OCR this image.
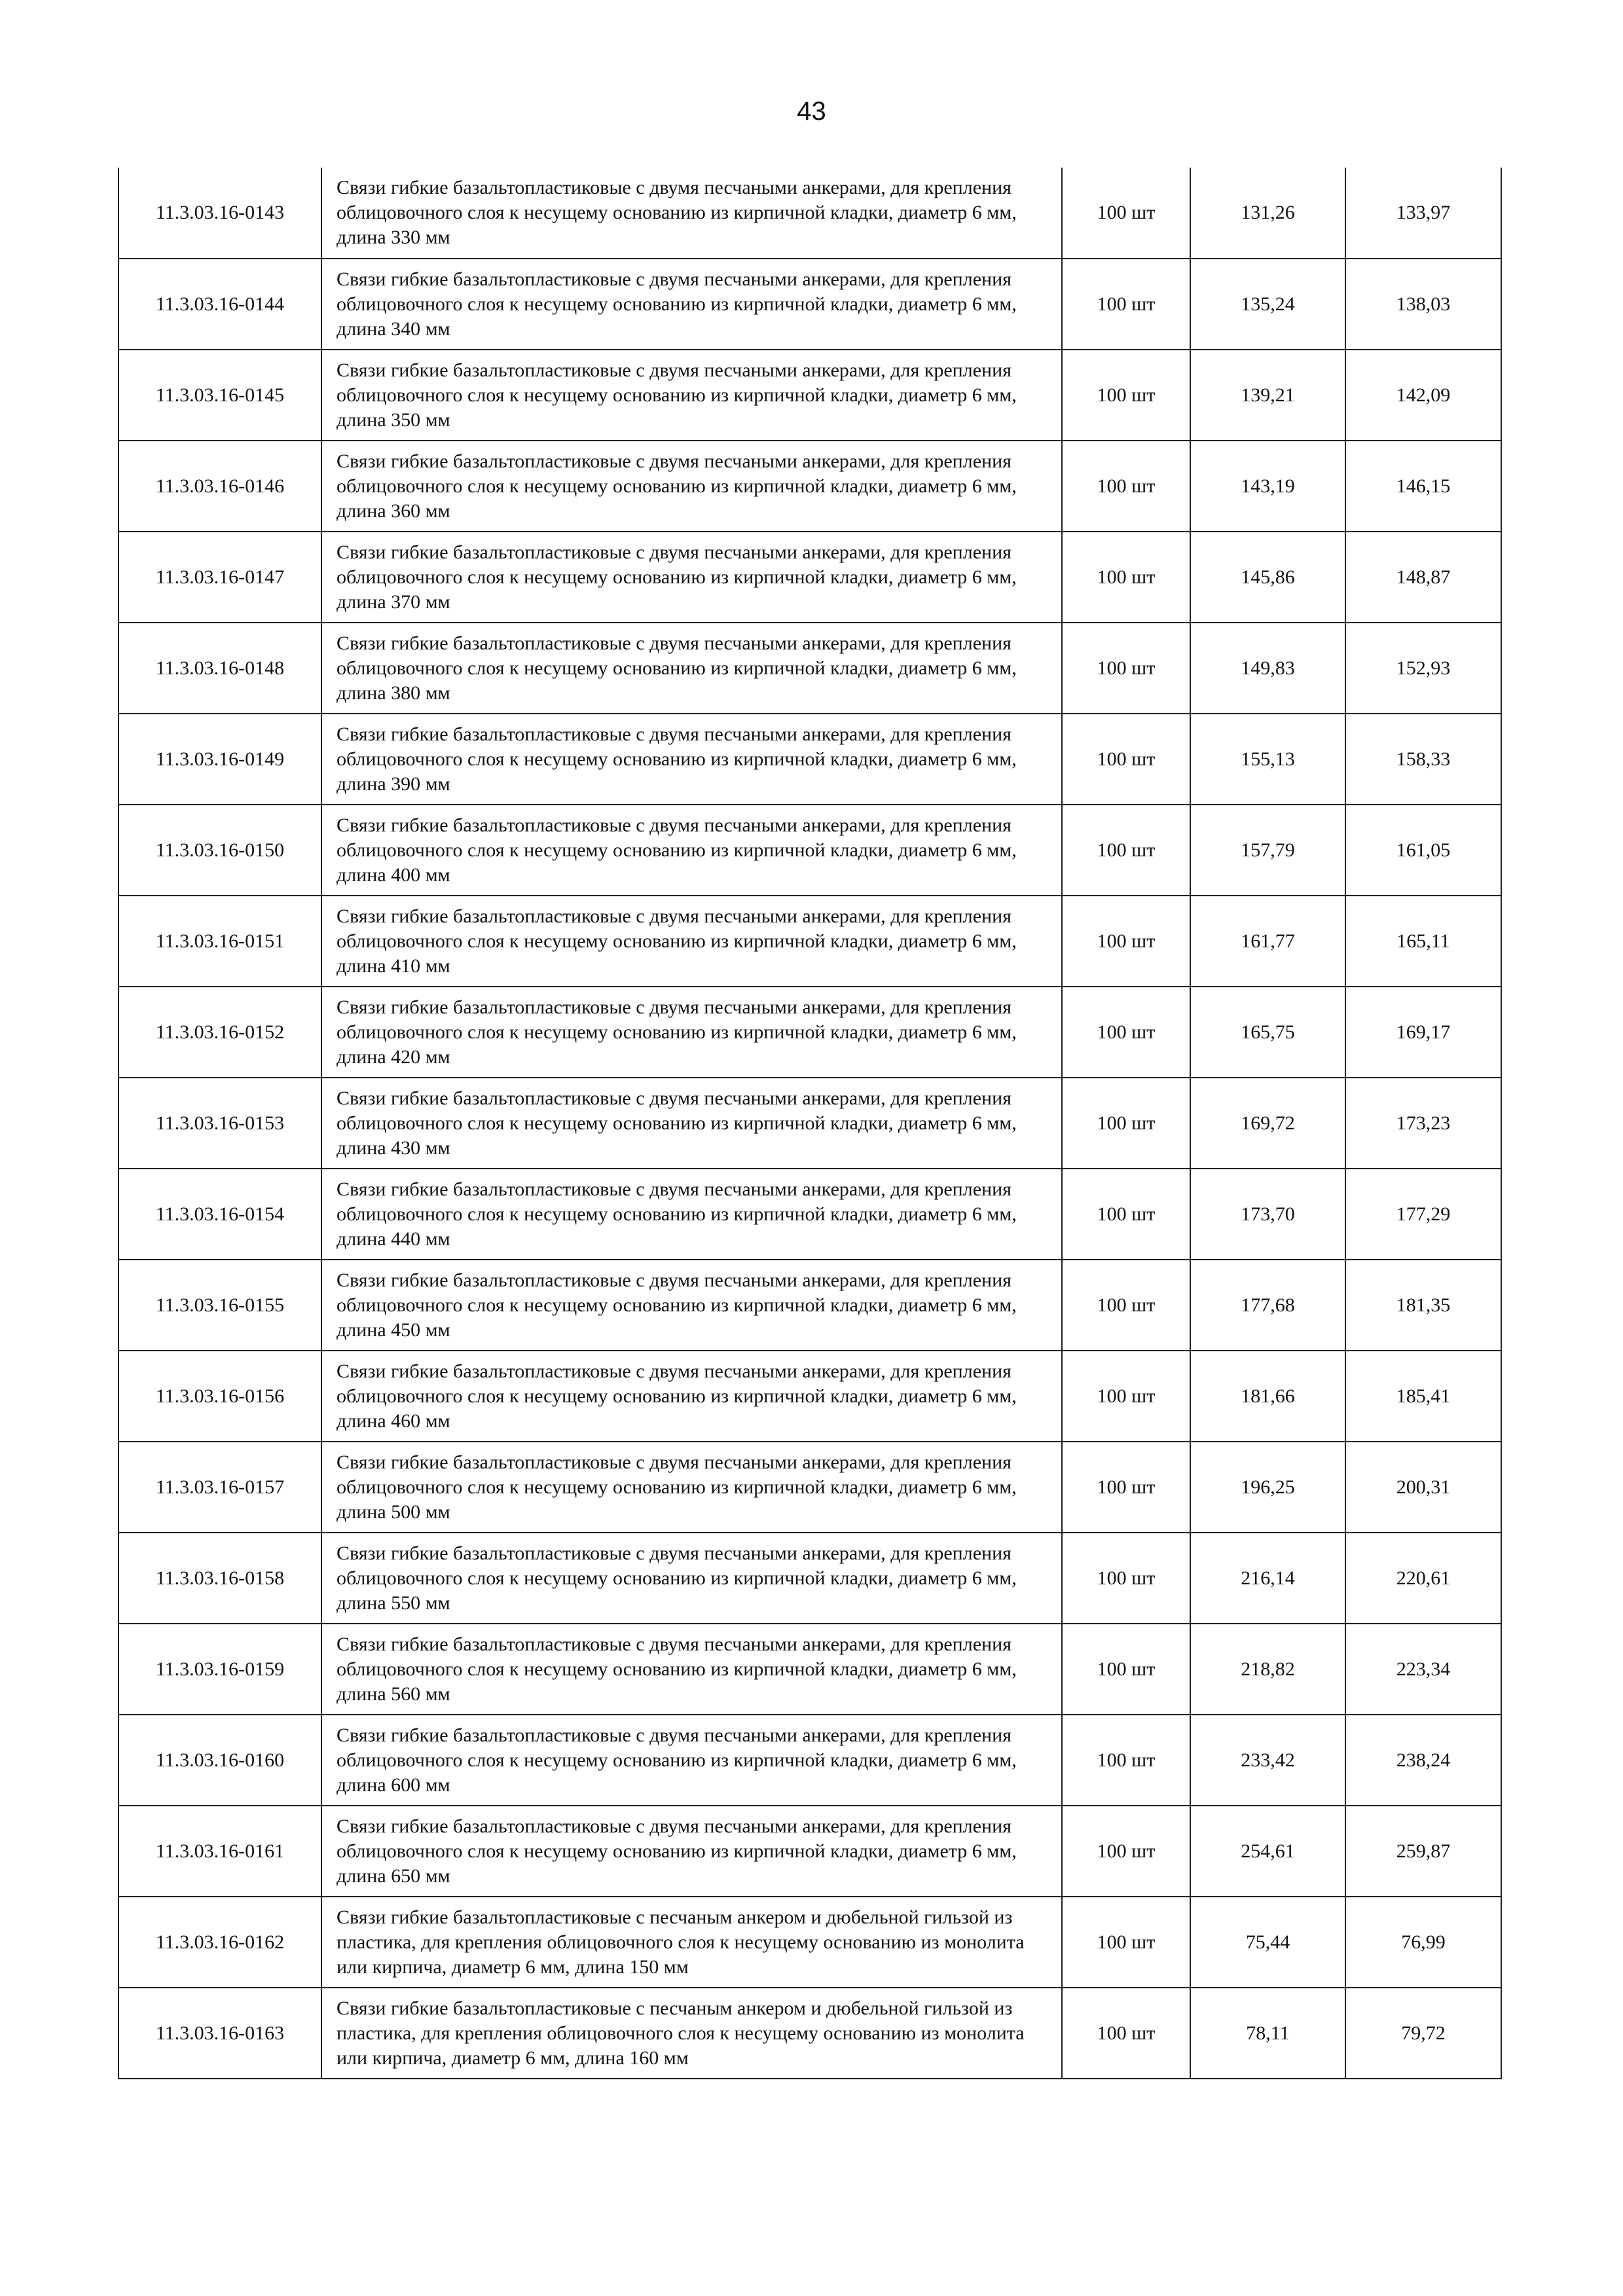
43
11.3.03.16-0143	Связи гибкие базальтопластиковые с двумя песчаными анкерами, для крепления облицовочного слоя к несущему основанию из кирпичной кладки, диаметр 6 мм, длина 330 мм	100 шт	131,26	133,97
11.3.03.16-0144	Связи гибкие базальтопластиковые с двумя песчаными анкерами, для крепления облицовочного слоя к несущему основанию из кирпичной кладки, диаметр 6 мм, длина 340 мм	100 шт	135,24	138,03
11.3.03.16-0145	Связи гибкие базальтопластиковые с двумя песчаными анкерами, для крепления облицовочного слоя к несущему основанию из кирпичной кладки, диаметр 6 мм, длина 350 мм	100 шт	139,21	142,09
11.3.03.16-0146	Связи гибкие базальтопластиковые с двумя песчаными анкерами, для крепления облицовочного слоя к несущему основанию из кирпичной кладки, диаметр 6 мм, длина 360 мм	100 шт	143,19	146,15
11.3.03.16-0147	Связи гибкие базальтопластиковые с двумя песчаными анкерами, для крепления облицовочного слоя к несущему основанию из кирпичной кладки, диаметр 6 мм, длина 370 мм	100 шт	145,86	148,87
11.3.03.16-0148	Связи гибкие базальтопластиковые с двумя песчаными анкерами, для крепления облицовочного слоя к несущему основанию из кирпичной кладки, диаметр 6 мм, длина 380 мм	100 шт	149,83	152,93
11.3.03.16-0149	Связи гибкие базальтопластиковые с двумя песчаными анкерами, для крепления облицовочного слоя к несущему основанию из кирпичной кладки, диаметр 6 мм, длина 390 мм	100 шт	155,13	158,33
11.3.03.16-0150	Связи гибкие базальтопластиковые с двумя песчаными анкерами, для крепления облицовочного слоя к несущему основанию из кирпичной кладки, диаметр 6 мм, длина 400 мм	100 шт	157,79	161,05
11.3.03.16-0151	Связи гибкие базальтопластиковые с двумя песчаными анкерами, для крепления облицовочного слоя к несущему основанию из кирпичной кладки, диаметр 6 мм, длина 410 мм	100 шт	161,77	165,11
11.3.03.16-0152	Связи гибкие базальтопластиковые с двумя песчаными анкерами, для крепления облицовочного слоя к несущему основанию из кирпичной кладки, диаметр 6 мм, длина 420 мм	100 шт	165,75	169,17
11.3.03.16-0153	Связи гибкие базальтопластиковые с двумя песчаными анкерами, для крепления облицовочного слоя к несущему основанию из кирпичной кладки, диаметр 6 мм, длина 430 мм	100 шт	169,72	173,23
11.3.03.16-0154	Связи гибкие базальтопластиковые с двумя песчаными анкерами, для крепления облицовочного слоя к несущему основанию из кирпичной кладки, диаметр 6 мм, длина 440 мм	100 шт	173,70	177,29
11.3.03.16-0155	Связи гибкие базальтопластиковые с двумя песчаными анкерами, для крепления облицовочного слоя к несущему основанию из кирпичной кладки, диаметр 6 мм, длина 450 мм	100 шт	177,68	181,35
11.3.03.16-0156	Связи гибкие базальтопластиковые с двумя песчаными анкерами, для крепления облицовочного слоя к несущему основанию из кирпичной кладки, диаметр 6 мм, длина 460 мм	100 шт	181,66	185,41
11.3.03.16-0157	Связи гибкие базальтопластиковые с двумя песчаными анкерами, для крепления облицовочного слоя к несущему основанию из кирпичной кладки, диаметр 6 мм, длина 500 мм	100 шт	196,25	200,31
11.3.03.16-0158	Связи гибкие базальтопластиковые с двумя песчаными анкерами, для крепления облицовочного слоя к несущему основанию из кирпичной кладки, диаметр 6 мм, длина 550 мм	100 шт	216,14	220,61
11.3.03.16-0159	Связи гибкие базальтопластиковые с двумя песчаными анкерами, для крепления облицовочного слоя к несущему основанию из кирпичной кладки, диаметр 6 мм, длина 560 мм	100 шт	218,82	223,34
11.3.03.16-0160	Связи гибкие базальтопластиковые с двумя песчаными анкерами, для крепления облицовочного слоя к несущему основанию из кирпичной кладки, диаметр 6 мм, длина 600 мм	100 шт	233,42	238,24
11.3.03.16-0161	Связи гибкие базальтопластиковые с двумя песчаными анкерами, для крепления облицовочного слоя к несущему основанию из кирпичной кладки, диаметр 6 мм, длина 650 мм	100 шт	254,61	259,87
11.3.03.16-0162	Связи гибкие базальтопластиковые с песчаным анкером и дюбельной гильзой из пластика, для крепления облицовочного слоя к несущему основанию из монолита или кирпича, диаметр 6 мм, длина 150 мм	100 шт	75,44	76,99
11.3.03.16-0163	Связи гибкие базальтопластиковые с песчаным анкером и дюбельной гильзой из пластика, для крепления облицовочного слоя к несущему основанию из монолита или кирпича, диаметр 6 мм, длина 160 мм	100 шт	78,11	79,72
